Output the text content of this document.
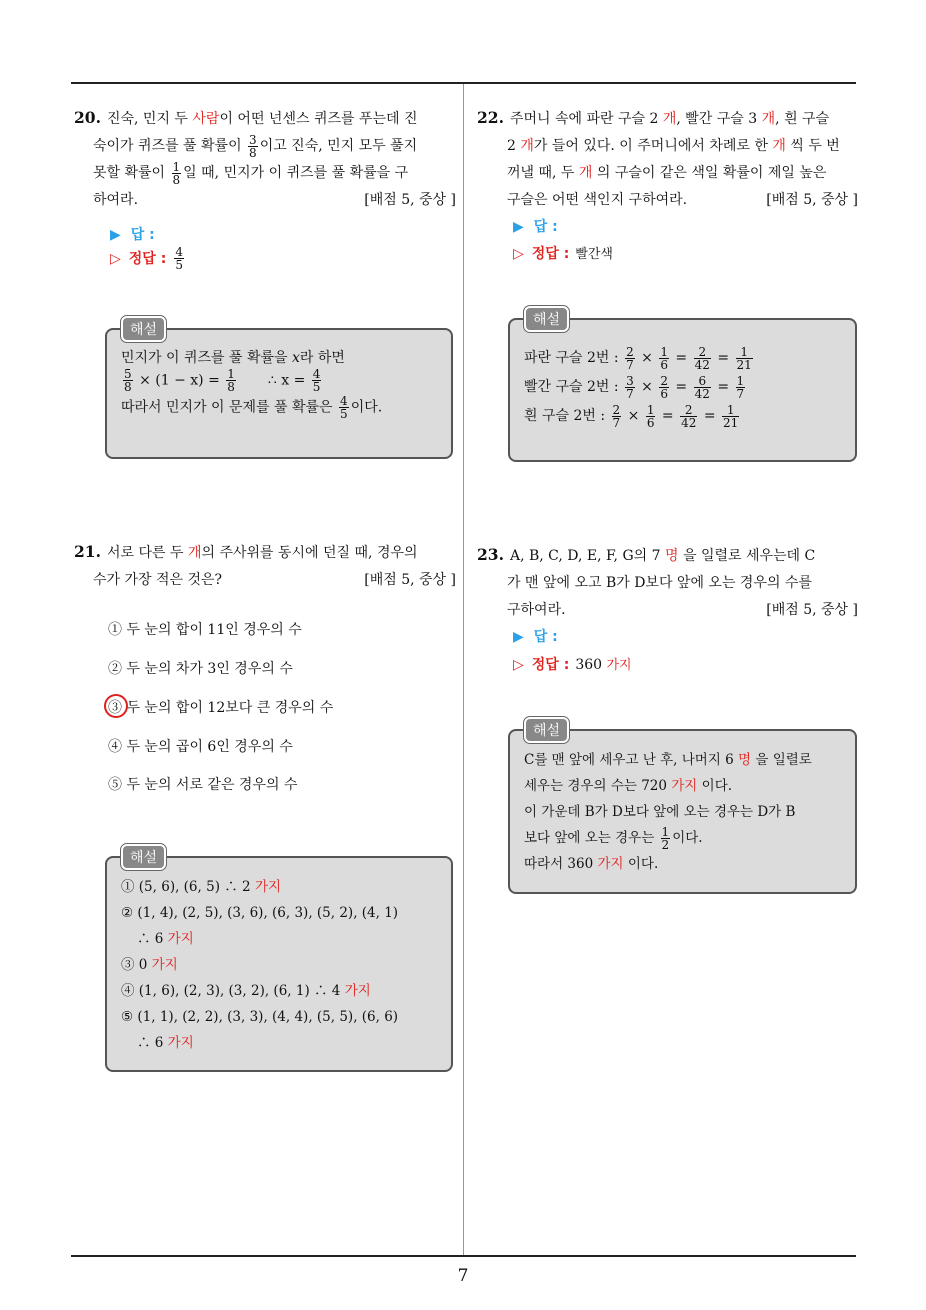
7
20. 진숙, 민지 두 사람이 어떤 넌센스 퀴즈를 푸는데 진
숙이가 퀴즈를 풀 확률이 $\frac{3}{8}$ 이고 진숙, 민지 모두 풀지
못할 확률이 $\frac{1}{8}$ 일 때, 민지가 이 퀴즈를 풀 확률을 구
하여라.	[배점 5, 중상 ]
▶ 답 :
▷ 정답 : $\frac{4}{5}$
해설
민지가 이 퀴즈를 풀 확률을 x라 하면
$\frac{5}{8} \times (1 - x) = \frac{1}{8}$ ∴ $x = \frac{4}{5}$
따라서 민지가 이 문제를 풀 확률은 $\frac{4}{5}$ 이다.
22. 주머니 속에 파란 구슬 2 개, 빨간 구슬 3 개, 흰 구슬
2 개가 들어 있다. 이 주머니에서 차례로 한 개 씩 두 번
꺼낼 때, 두 개 의 구슬이 같은 색일 확률이 제일 높은
구슬은 어떤 색인지 구하여라.	[배점 5, 중상 ]
▶ 답 :
▷ 정답 : 빨간색
해설
파란 구슬 2번 : $\frac{2}{7} \times \frac{1}{6} = \frac{2}{42} = \frac{1}{21}$
빨간 구슬 2번 : $\frac{3}{7} \times \frac{2}{6} = \frac{6}{42} = \frac{1}{7}$
흰 구슬 2번 : $\frac{2}{7} \times \frac{1}{6} = \frac{2}{42} = \frac{1}{21}$
21. 서로 다른 두 개의 주사위를 동시에 던질 때, 경우의
수가 가장 적은 것은?	[배점 5, 중상 ]
① 두 눈의 합이 11인 경우의 수
② 두 눈의 차가 3인 경우의 수
③ 두 눈의 합이 12보다 큰 경우의 수
④ 두 눈의 곱이 6인 경우의 수
⑤ 두 눈의 서로 같은 경우의 수
해설
① (5, 6), (6, 5) ∴ 2 가지
② (1, 4), (2, 5), (3, 6), (6, 3), (5, 2), (4, 1)
∴ 6 가지
③ 0 가지
④ (1, 6), (2, 3), (3, 2), (6, 1) ∴ 4 가지
⑤ (1, 1), (2, 2), (3, 3), (4, 4), (5, 5), (6, 6)
∴ 6 가지
23. A, B, C, D, E, F, G의 7 명 을 일렬로 세우는데 C
가 맨 앞에 오고 B가 D보다 앞에 오는 경우의 수를
구하여라.	[배점 5, 중상 ]
▶ 답 :
▷ 정답 : 360 가지
해설
C를 맨 앞에 세우고 난 후, 나머지 6 명 을 일렬로
세우는 경우의 수는 720 가지 이다.
이 가운데 B가 D보다 앞에 오는 경우는 D가 B
보다 앞에 오는 경우는 $\frac{1}{2}$ 이다.
따라서 360 가지 이다.
